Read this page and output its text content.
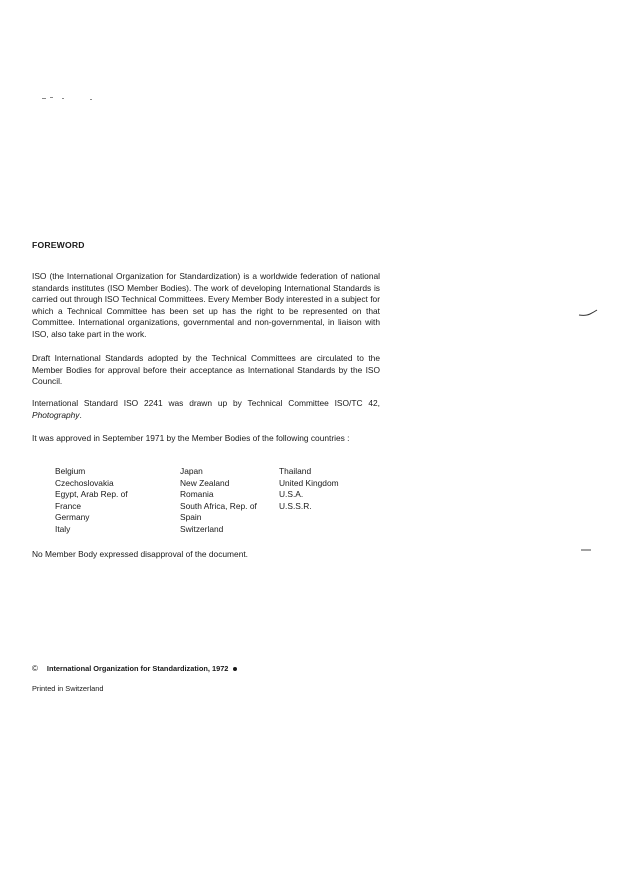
FOREWORD

ISO (the International Organization for Standardization) is a worldwide federation of national standards institutes (ISO Member Bodies). The work of developing International Standards is carried out through ISO Technical Committees. Every Member Body interested in a subject for which a Technical Committee has been set up has the right to be represented on that Committee. International organizations, governmental and non-governmental, in liaison with ISO, also take part in the work.

Draft International Standards adopted by the Technical Committees are circulated to the Member Bodies for approval before their acceptance as International Standards by the ISO Council.

International Standard ISO 2241 was drawn up by Technical Committee ISO/TC 42, Photography.

It was approved in September 1971 by the Member Bodies of the following countries :

Belgium
Czechoslovakia
Egypt, Arab Rep. of
France
Germany
Italy
Japan
New Zealand
Romania
South Africa, Rep. of
Spain
Switzerland
Thailand
United Kingdom
U.S.A.
U.S.S.R.
No Member Body expressed disapproval of the document.
© International Organization for Standardization, 1972
Printed in Switzerland
